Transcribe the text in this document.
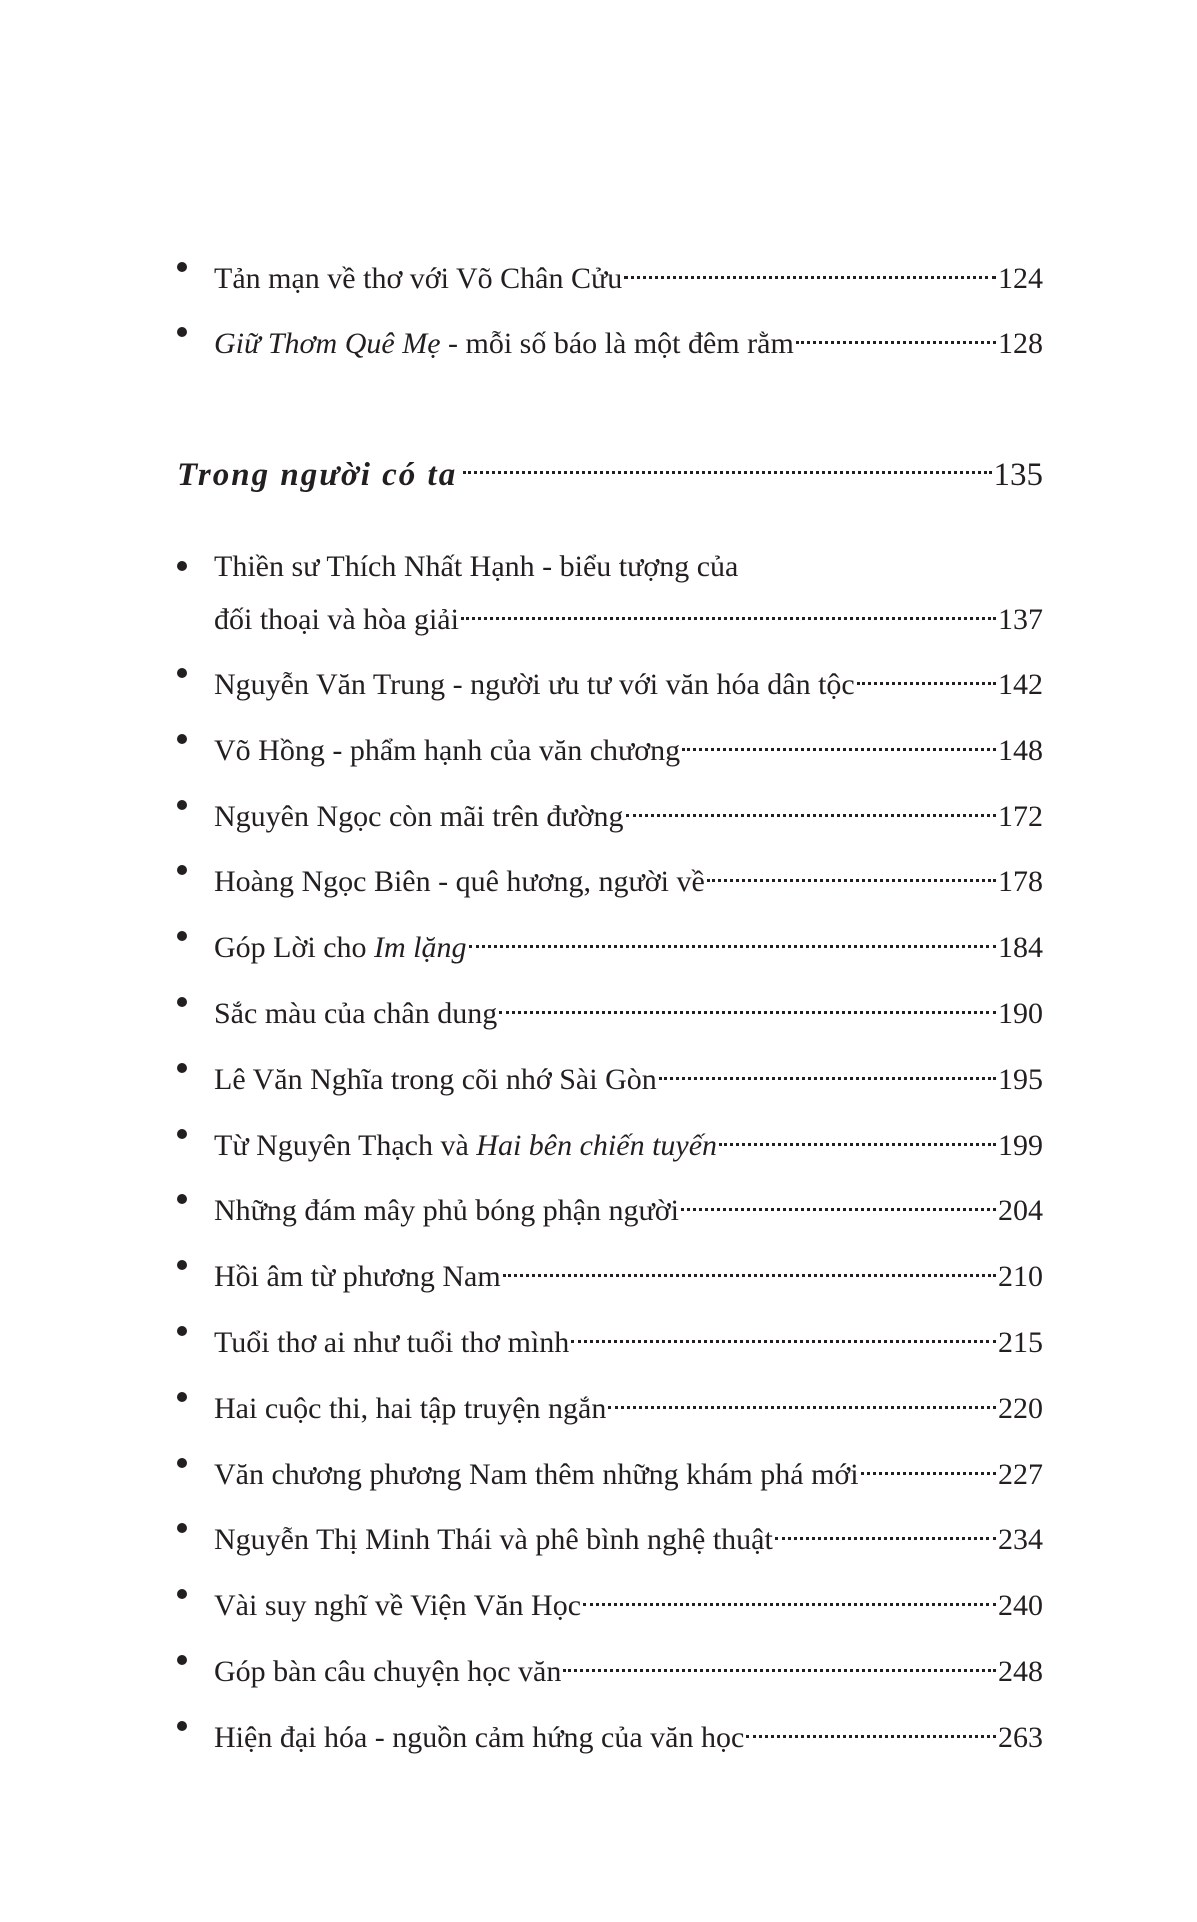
Tản mạn về thơ với Võ Chân Cửu	124
Giữ Thơm Quê Mẹ - mỗi số báo là một đêm rằm	128
Trong người có ta	135
Thiền sư Thích Nhất Hạnh - biểu tượng của
đối thoại và hòa giải	137
Nguyễn Văn Trung - người ưu tư với văn hóa dân tộc	142
Võ Hồng - phẩm hạnh của văn chương	148
Nguyên Ngọc còn mãi trên đường	172
Hoàng Ngọc Biên - quê hương, người về	178
Góp Lời cho Im lặng	184
Sắc màu của chân dung	190
Lê Văn Nghĩa trong cõi nhớ Sài Gòn	195
Từ Nguyên Thạch và Hai bên chiến tuyến	199
Những đám mây phủ bóng phận người	204
Hồi âm từ phương Nam	210
Tuổi thơ ai như tuổi thơ mình	215
Hai cuộc thi, hai tập truyện ngắn	220
Văn chương phương Nam thêm những khám phá mới	227
Nguyễn Thị Minh Thái và phê bình nghệ thuật	234
Vài suy nghĩ về Viện Văn Học	240
Góp bàn câu chuyện học văn	248
Hiện đại hóa - nguồn cảm hứng của văn học	263
